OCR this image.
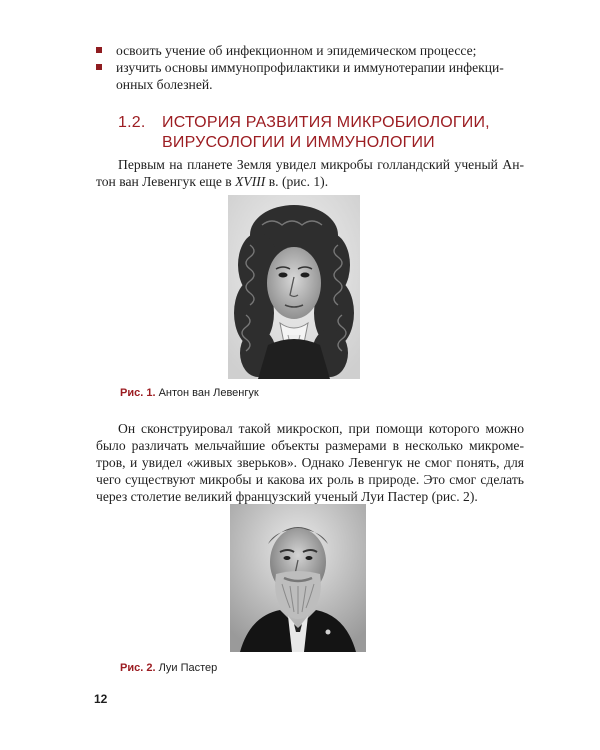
освоить учение об инфекционном и эпидемическом процессе;
изучить основы иммунопрофилактики и иммунотерапии инфекци-
онных болезней.
1.2. ИСТОРИЯ РАЗВИТИЯ МИКРОБИОЛОГИИ,
ВИРУСОЛОГИИ И ИММУНОЛОГИИ

Первым на планете Земля увидел микробы голландский ученый Ан-
тон ван Левенгук еще в XVIII в. (рис. 1).

Рис. 1. Антон ван Левенгук

Он сконструировал такой микроскоп, при помощи которого можно
было различать мельчайшие объекты размерами в несколько микроме-
тров, и увидел «живых зверьков». Однако Левенгук не смог понять, для
чего существуют микробы и какова их роль в природе. Это смог сделать
через столетие великий французский ученый Луи Пастер (рис. 2).

Рис. 2. Луи Пастер
12
